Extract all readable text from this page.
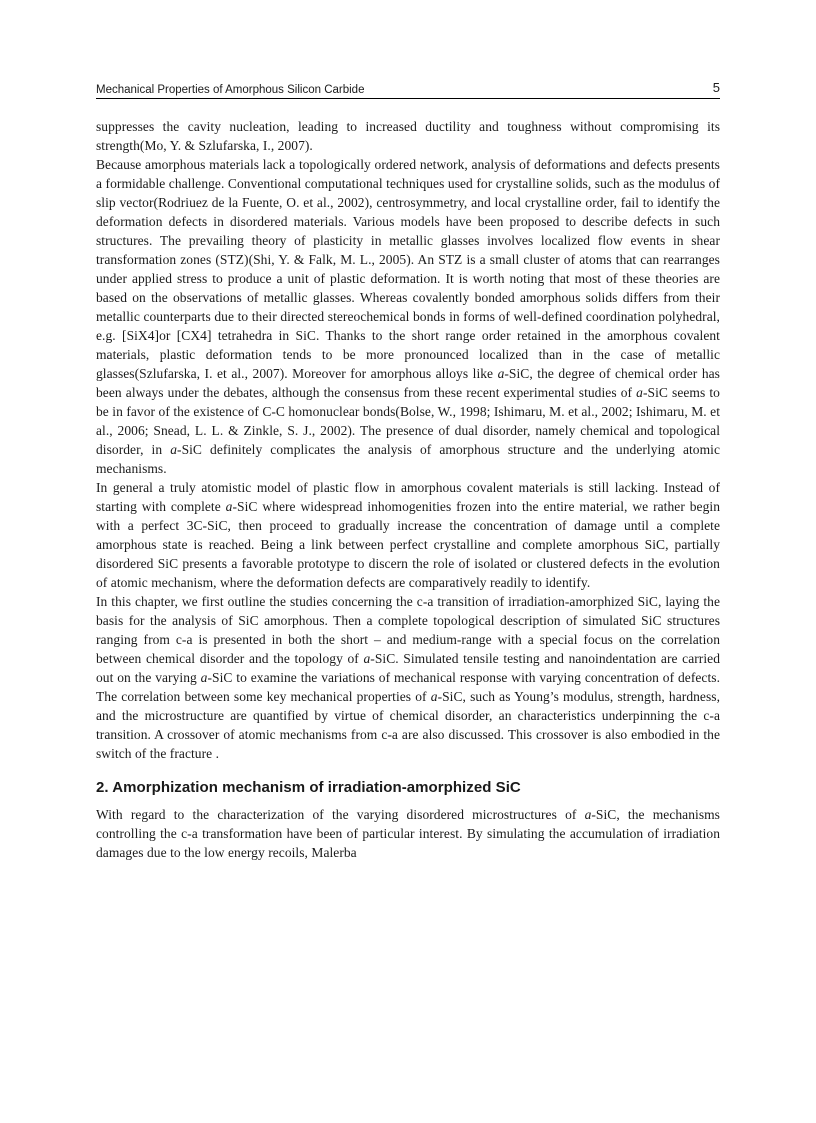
Mechanical Properties of Amorphous Silicon Carbide	5

suppresses the cavity nucleation, leading to increased ductility and toughness without compromising its strength(Mo, Y. & Szlufarska, I., 2007).

Because amorphous materials lack a topologically ordered network, analysis of deformations and defects presents a formidable challenge. Conventional computational techniques used for crystalline solids, such as the modulus of slip vector(Rodriuez de la Fuente, O. et al., 2002), centrosymmetry, and local crystalline order, fail to identify the deformation defects in disordered materials. Various models have been proposed to describe defects in such structures. The prevailing theory of plasticity in metallic glasses involves localized flow events in shear transformation zones (STZ)(Shi, Y. & Falk, M. L., 2005). An STZ is a small cluster of atoms that can rearranges under applied stress to produce a unit of plastic deformation. It is worth noting that most of these theories are based on the observations of metallic glasses. Whereas covalently bonded amorphous solids differs from their metallic counterparts due to their directed stereochemical bonds in forms of well-defined coordination polyhedral, e.g. [SiX4]or [CX4] tetrahedra in SiC. Thanks to the short range order retained in the amorphous covalent materials, plastic deformation tends to be more pronounced localized than in the case of metallic glasses(Szlufarska, I. et al., 2007). Moreover for amorphous alloys like a-SiC, the degree of chemical order has been always under the debates, although the consensus from these recent experimental studies of a-SiC seems to be in favor of the existence of C-C homonuclear bonds(Bolse, W., 1998; Ishimaru, M. et al., 2002; Ishimaru, M. et al., 2006; Snead, L. L. & Zinkle, S. J., 2002). The presence of dual disorder, namely chemical and topological disorder, in a-SiC definitely complicates the analysis of amorphous structure and the underlying atomic mechanisms.

In general a truly atomistic model of plastic flow in amorphous covalent materials is still lacking. Instead of starting with complete a-SiC where widespread inhomogenities frozen into the entire material, we rather begin with a perfect 3C-SiC, then proceed to gradually increase the concentration of damage until a complete amorphous state is reached. Being a link between perfect crystalline and complete amorphous SiC, partially disordered SiC presents a favorable prototype to discern the role of isolated or clustered defects in the evolution of atomic mechanism, where the deformation defects are comparatively readily to identify.

In this chapter, we first outline the studies concerning the c-a transition of irradiation-amorphized SiC, laying the basis for the analysis of SiC amorphous. Then a complete topological description of simulated SiC structures ranging from c-a is presented in both the short – and medium-range with a special focus on the correlation between chemical disorder and the topology of a-SiC. Simulated tensile testing and nanoindentation are carried out on the varying a-SiC to examine the variations of mechanical response with varying concentration of defects. The correlation between some key mechanical properties of a-SiC, such as Young’s modulus, strength, hardness, and the microstructure are quantified by virtue of chemical disorder, an characteristics underpinning the c-a transition. A crossover of atomic mechanisms from c-a are also discussed. This crossover is also embodied in the switch of the fracture .

2. Amorphization mechanism of irradiation-amorphized SiC

With regard to the characterization of the varying disordered microstructures of a-SiC, the mechanisms controlling the c-a transformation have been of particular interest. By simulating the accumulation of irradiation damages due to the low energy recoils, Malerba
